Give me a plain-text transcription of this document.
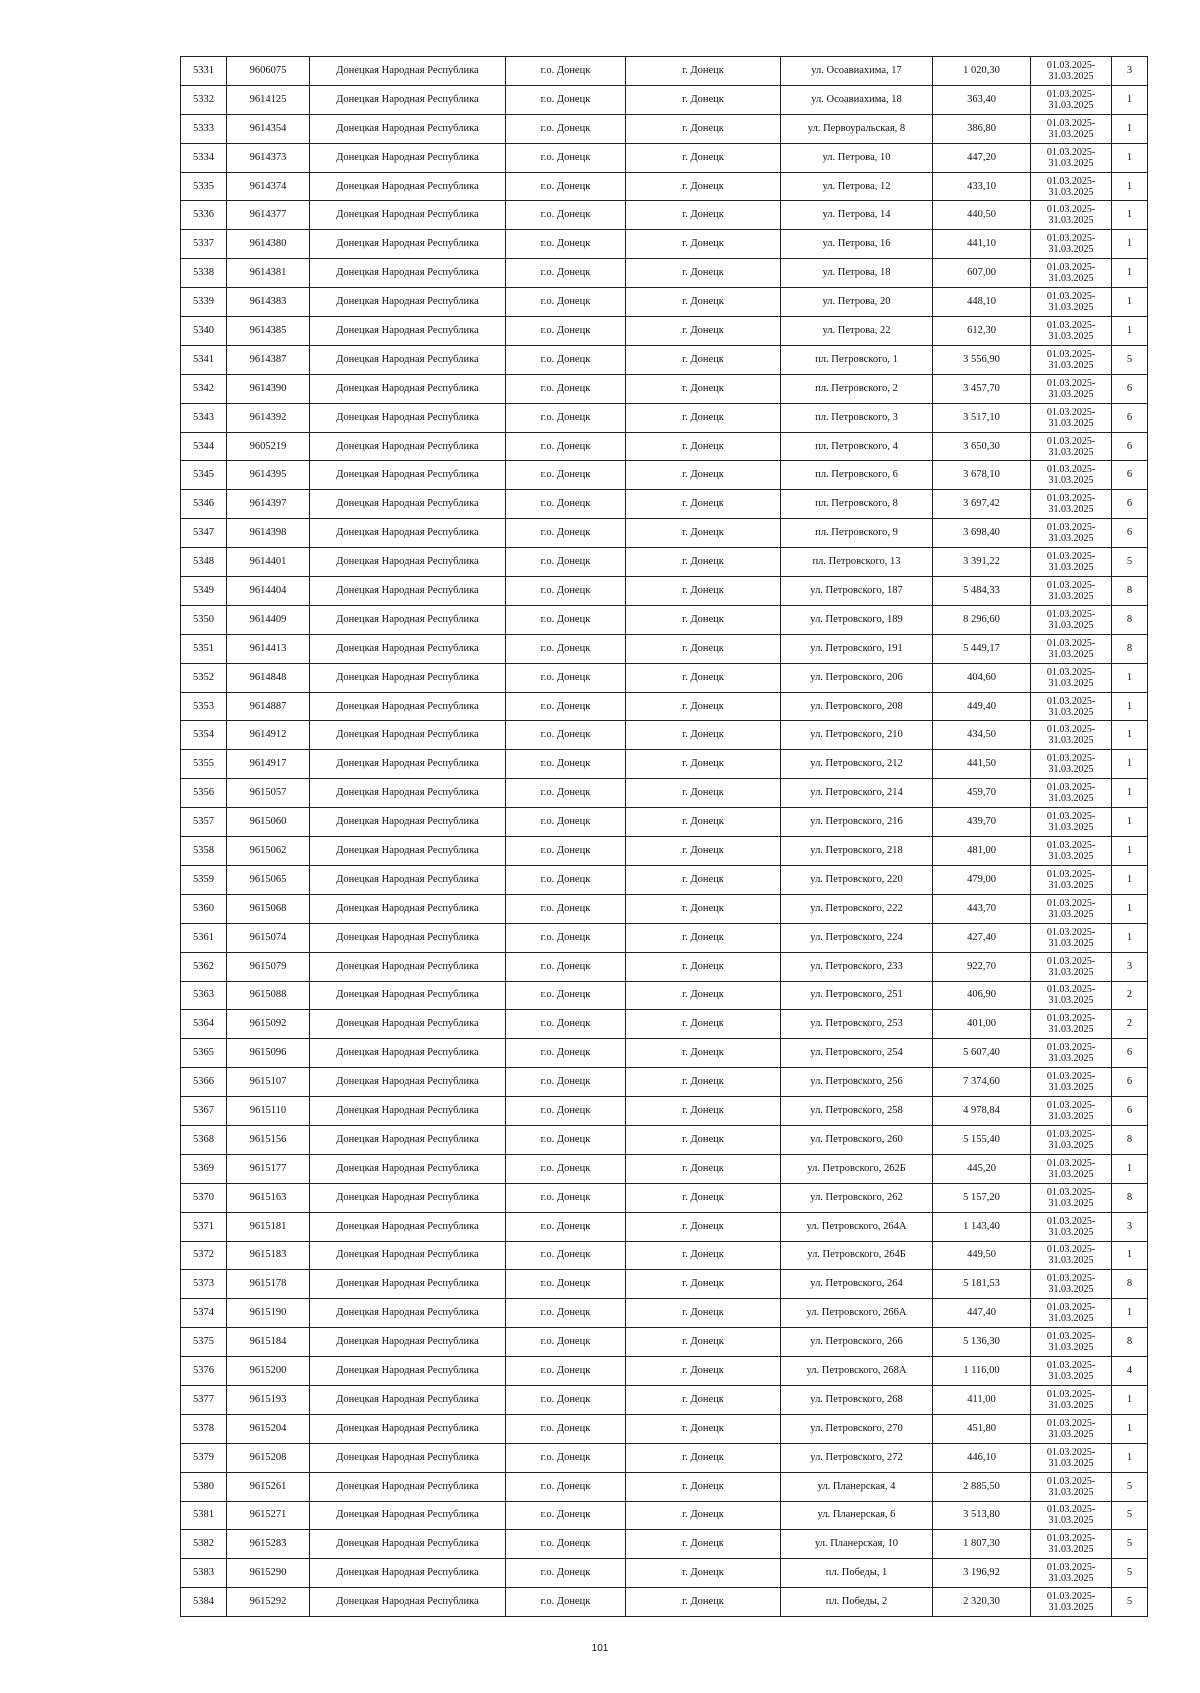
5331	9606075	Донецкая Народная Республика	г.о. Донецк	г. Донецк	ул. Осоавиахима, 17	1 020,30	01.03.2025-
31.03.2025	3
5332	9614125	Донецкая Народная Республика	г.о. Донецк	г. Донецк	ул. Осоавиахима, 18	363,40	01.03.2025-
31.03.2025	1
5333	9614354	Донецкая Народная Республика	г.о. Донецк	г. Донецк	ул. Первоуральская, 8	386,80	01.03.2025-
31.03.2025	1
5334	9614373	Донецкая Народная Республика	г.о. Донецк	г. Донецк	ул. Петрова, 10	447,20	01.03.2025-
31.03.2025	1
5335	9614374	Донецкая Народная Республика	г.о. Донецк	г. Донецк	ул. Петрова, 12	433,10	01.03.2025-
31.03.2025	1
5336	9614377	Донецкая Народная Республика	г.о. Донецк	г. Донецк	ул. Петрова, 14	440,50	01.03.2025-
31.03.2025	1
5337	9614380	Донецкая Народная Республика	г.о. Донецк	г. Донецк	ул. Петрова, 16	441,10	01.03.2025-
31.03.2025	1
5338	9614381	Донецкая Народная Республика	г.о. Донецк	г. Донецк	ул. Петрова, 18	607,00	01.03.2025-
31.03.2025	1
5339	9614383	Донецкая Народная Республика	г.о. Донецк	г. Донецк	ул. Петрова, 20	448,10	01.03.2025-
31.03.2025	1
5340	9614385	Донецкая Народная Республика	г.о. Донецк	г. Донецк	ул. Петрова, 22	612,30	01.03.2025-
31.03.2025	1
5341	9614387	Донецкая Народная Республика	г.о. Донецк	г. Донецк	пл. Петровского, 1	3 556,90	01.03.2025-
31.03.2025	5
5342	9614390	Донецкая Народная Республика	г.о. Донецк	г. Донецк	пл. Петровского, 2	3 457,70	01.03.2025-
31.03.2025	6
5343	9614392	Донецкая Народная Республика	г.о. Донецк	г. Донецк	пл. Петровского, 3	3 517,10	01.03.2025-
31.03.2025	6
5344	9605219	Донецкая Народная Республика	г.о. Донецк	г. Донецк	пл. Петровского, 4	3 650,30	01.03.2025-
31.03.2025	6
5345	9614395	Донецкая Народная Республика	г.о. Донецк	г. Донецк	пл. Петровского, 6	3 678,10	01.03.2025-
31.03.2025	6
5346	9614397	Донецкая Народная Республика	г.о. Донецк	г. Донецк	пл. Петровского, 8	3 697,42	01.03.2025-
31.03.2025	6
5347	9614398	Донецкая Народная Республика	г.о. Донецк	г. Донецк	пл. Петровского, 9	3 698,40	01.03.2025-
31.03.2025	6
5348	9614401	Донецкая Народная Республика	г.о. Донецк	г. Донецк	пл. Петровского, 13	3 391,22	01.03.2025-
31.03.2025	5
5349	9614404	Донецкая Народная Республика	г.о. Донецк	г. Донецк	ул. Петровского, 187	5 484,33	01.03.2025-
31.03.2025	8
5350	9614409	Донецкая Народная Республика	г.о. Донецк	г. Донецк	ул. Петровского, 189	8 296,60	01.03.2025-
31.03.2025	8
5351	9614413	Донецкая Народная Республика	г.о. Донецк	г. Донецк	ул. Петровского, 191	5 449,17	01.03.2025-
31.03.2025	8
5352	9614848	Донецкая Народная Республика	г.о. Донецк	г. Донецк	ул. Петровского, 206	404,60	01.03.2025-
31.03.2025	1
5353	9614887	Донецкая Народная Республика	г.о. Донецк	г. Донецк	ул. Петровского, 208	449,40	01.03.2025-
31.03.2025	1
5354	9614912	Донецкая Народная Республика	г.о. Донецк	г. Донецк	ул. Петровского, 210	434,50	01.03.2025-
31.03.2025	1
5355	9614917	Донецкая Народная Республика	г.о. Донецк	г. Донецк	ул. Петровского, 212	441,50	01.03.2025-
31.03.2025	1
5356	9615057	Донецкая Народная Республика	г.о. Донецк	г. Донецк	ул. Петровского, 214	459,70	01.03.2025-
31.03.2025	1
5357	9615060	Донецкая Народная Республика	г.о. Донецк	г. Донецк	ул. Петровского, 216	439,70	01.03.2025-
31.03.2025	1
5358	9615062	Донецкая Народная Республика	г.о. Донецк	г. Донецк	ул. Петровского, 218	481,00	01.03.2025-
31.03.2025	1
5359	9615065	Донецкая Народная Республика	г.о. Донецк	г. Донецк	ул. Петровского, 220	479,00	01.03.2025-
31.03.2025	1
5360	9615068	Донецкая Народная Республика	г.о. Донецк	г. Донецк	ул. Петровского, 222	443,70	01.03.2025-
31.03.2025	1
5361	9615074	Донецкая Народная Республика	г.о. Донецк	г. Донецк	ул. Петровского, 224	427,40	01.03.2025-
31.03.2025	1
5362	9615079	Донецкая Народная Республика	г.о. Донецк	г. Донецк	ул. Петровского, 233	922,70	01.03.2025-
31.03.2025	3
5363	9615088	Донецкая Народная Республика	г.о. Донецк	г. Донецк	ул. Петровского, 251	406,90	01.03.2025-
31.03.2025	2
5364	9615092	Донецкая Народная Республика	г.о. Донецк	г. Донецк	ул. Петровского, 253	401,00	01.03.2025-
31.03.2025	2
5365	9615096	Донецкая Народная Республика	г.о. Донецк	г. Донецк	ул. Петровского, 254	5 607,40	01.03.2025-
31.03.2025	6
5366	9615107	Донецкая Народная Республика	г.о. Донецк	г. Донецк	ул. Петровского, 256	7 374,60	01.03.2025-
31.03.2025	6
5367	9615110	Донецкая Народная Республика	г.о. Донецк	г. Донецк	ул. Петровского, 258	4 978,84	01.03.2025-
31.03.2025	6
5368	9615156	Донецкая Народная Республика	г.о. Донецк	г. Донецк	ул. Петровского, 260	5 155,40	01.03.2025-
31.03.2025	8
5369	9615177	Донецкая Народная Республика	г.о. Донецк	г. Донецк	ул. Петровского, 262Б	445,20	01.03.2025-
31.03.2025	1
5370	9615163	Донецкая Народная Республика	г.о. Донецк	г. Донецк	ул. Петровского, 262	5 157,20	01.03.2025-
31.03.2025	8
5371	9615181	Донецкая Народная Республика	г.о. Донецк	г. Донецк	ул. Петровского, 264А	1 143,40	01.03.2025-
31.03.2025	3
5372	9615183	Донецкая Народная Республика	г.о. Донецк	г. Донецк	ул. Петровского, 264Б	449,50	01.03.2025-
31.03.2025	1
5373	9615178	Донецкая Народная Республика	г.о. Донецк	г. Донецк	ул. Петровского, 264	5 181,53	01.03.2025-
31.03.2025	8
5374	9615190	Донецкая Народная Республика	г.о. Донецк	г. Донецк	ул. Петровского, 266А	447,40	01.03.2025-
31.03.2025	1
5375	9615184	Донецкая Народная Республика	г.о. Донецк	г. Донецк	ул. Петровского, 266	5 136,30	01.03.2025-
31.03.2025	8
5376	9615200	Донецкая Народная Республика	г.о. Донецк	г. Донецк	ул. Петровского, 268А	1 116,00	01.03.2025-
31.03.2025	4
5377	9615193	Донецкая Народная Республика	г.о. Донецк	г. Донецк	ул. Петровского, 268	411,00	01.03.2025-
31.03.2025	1
5378	9615204	Донецкая Народная Республика	г.о. Донецк	г. Донецк	ул. Петровского, 270	451,80	01.03.2025-
31.03.2025	1
5379	9615208	Донецкая Народная Республика	г.о. Донецк	г. Донецк	ул. Петровского, 272	446,10	01.03.2025-
31.03.2025	1
5380	9615261	Донецкая Народная Республика	г.о. Донецк	г. Донецк	ул. Планерская, 4	2 885,50	01.03.2025-
31.03.2025	5
5381	9615271	Донецкая Народная Республика	г.о. Донецк	г. Донецк	ул. Планерская, 6	3 513,80	01.03.2025-
31.03.2025	5
5382	9615283	Донецкая Народная Республика	г.о. Донецк	г. Донецк	ул. Планерская, 10	1 807,30	01.03.2025-
31.03.2025	5
5383	9615290	Донецкая Народная Республика	г.о. Донецк	г. Донецк	пл. Победы, 1	3 196,92	01.03.2025-
31.03.2025	5
5384	9615292	Донецкая Народная Республика	г.о. Донецк	г. Донецк	пл. Победы, 2	2 320,30	01.03.2025-
31.03.2025	5
101
